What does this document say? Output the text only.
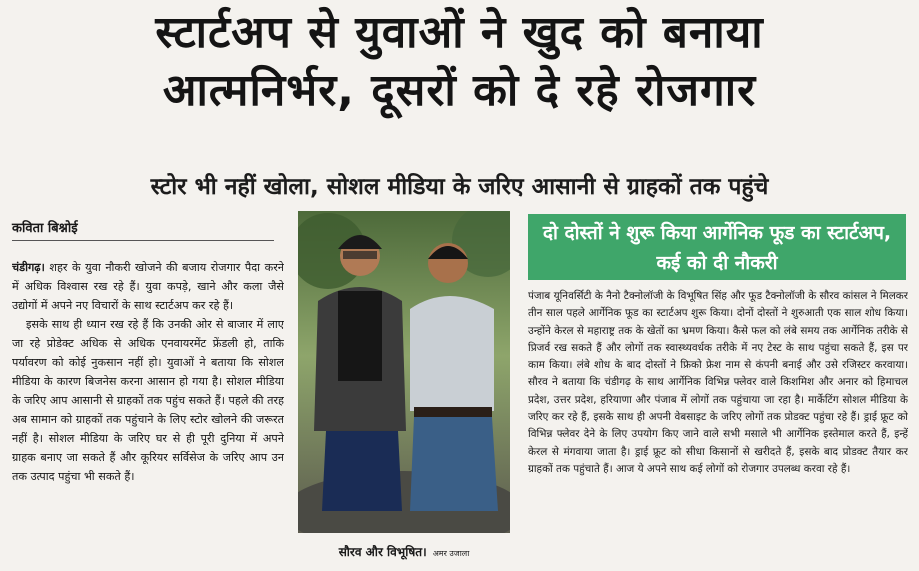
स्टार्टअप से युवाओं ने खुद को बनाया
आत्मनिर्भर, दूसरों को दे रहे रोजगार
स्टोर भी नहीं खोला, सोशल मीडिया के जरिए आसानी से ग्राहकों तक पहुंचे
कविता बिश्नोई

चंडीगढ़। शहर के युवा नौकरी खोजने की बजाय रोजगार पैदा करने में अधिक विश्वास रख रहे हैं। युवा कपड़े, खाने और कला जैसे उद्योगों में अपने नए विचारों के साथ स्टार्टअप कर रहे हैं।

इसके साथ ही ध्यान रख रहे हैं कि उनकी ओर से बाजार में लाए जा रहे प्रोडेक्ट अधिक से अधिक एनवायरमेंट फ्रेंडली हो, ताकि पर्यावरण को कोई नुकसान नहीं हो। युवाओं ने बताया कि सोशल मीडिया के कारण बिजनेस करना आसान हो गया है। सोशल मीडिया के जरिए आप आसानी से ग्राहकों तक पहुंच सकते हैं। पहले की तरह अब सामान को ग्राहकों तक पहुंचाने के लिए स्टोर खोलने की जरूरत नहीं है। सोशल मीडिया के जरिए घर से ही पूरी दुनिया में अपने ग्राहक बनाए जा सकते हैं और कूरियर सर्विसेज के जरिए आप उन तक उत्पाद पहुंचा भी सकते हैं।

सौरव और विभूषित। अमर उजाला
दो दोस्तों ने शुरू किया आर्गेनिक फूड का स्टार्टअप, कई को दी नौकरी

पंजाब यूनिवर्सिटी के नैनो टैक्नोलॉजी के विभूषित सिंह और फूड टैक्नोलॉजी के सौरव कांसल ने मिलकर तीन साल पहले आर्गेनिक फूड का स्टार्टअप शुरू किया। दोनों दोस्तों ने शुरुआती एक साल शोध किया। उन्होंने केरल से महाराष्ट्र तक के खेतों का भ्रमण किया। कैसे फल को लंबे समय तक आर्गेनिक तरीके से प्रिजर्व रख सकते हैं और लोगों तक स्वास्थ्यवर्धक तरीके में नए टेस्ट के साथ पहुंचा सकते हैं, इस पर काम किया। लंबे शोध के बाद दोस्तों ने फ्रिको फ्रेश नाम से कंपनी बनाई और उसे रजिस्टर करवाया। सौरव ने बताया कि चंडीगढ़ के साथ आर्गेनिक विभिन्न फ्लेवर वाले किशमिश और अनार को हिमाचल प्रदेश, उत्तर प्रदेश, हरियाणा और पंजाब में लोगों तक पहुंचाया जा रहा है। मार्केटिंग सोशल मीडिया के जरिए कर रहे हैं, इसके साथ ही अपनी वेबसाइट के जरिए लोगों तक प्रोडक्ट पहुंचा रहे हैं। ड्राई फ्रूट को विभिन्न फ्लेवर देने के लिए उपयोग किए जाने वाले सभी मसाले भी आर्गेनिक इस्तेमाल करते हैं, इन्हें केरल से मंगवाया जाता है। ड्राई फ्रूट को सीधा किसानों से खरीदते हैं, इसके बाद प्रोडक्ट तैयार कर ग्राहकों तक पहुंचाते हैं। आज ये अपने साथ कई लोगों को रोजगार उपलब्ध करवा रहे हैं।
